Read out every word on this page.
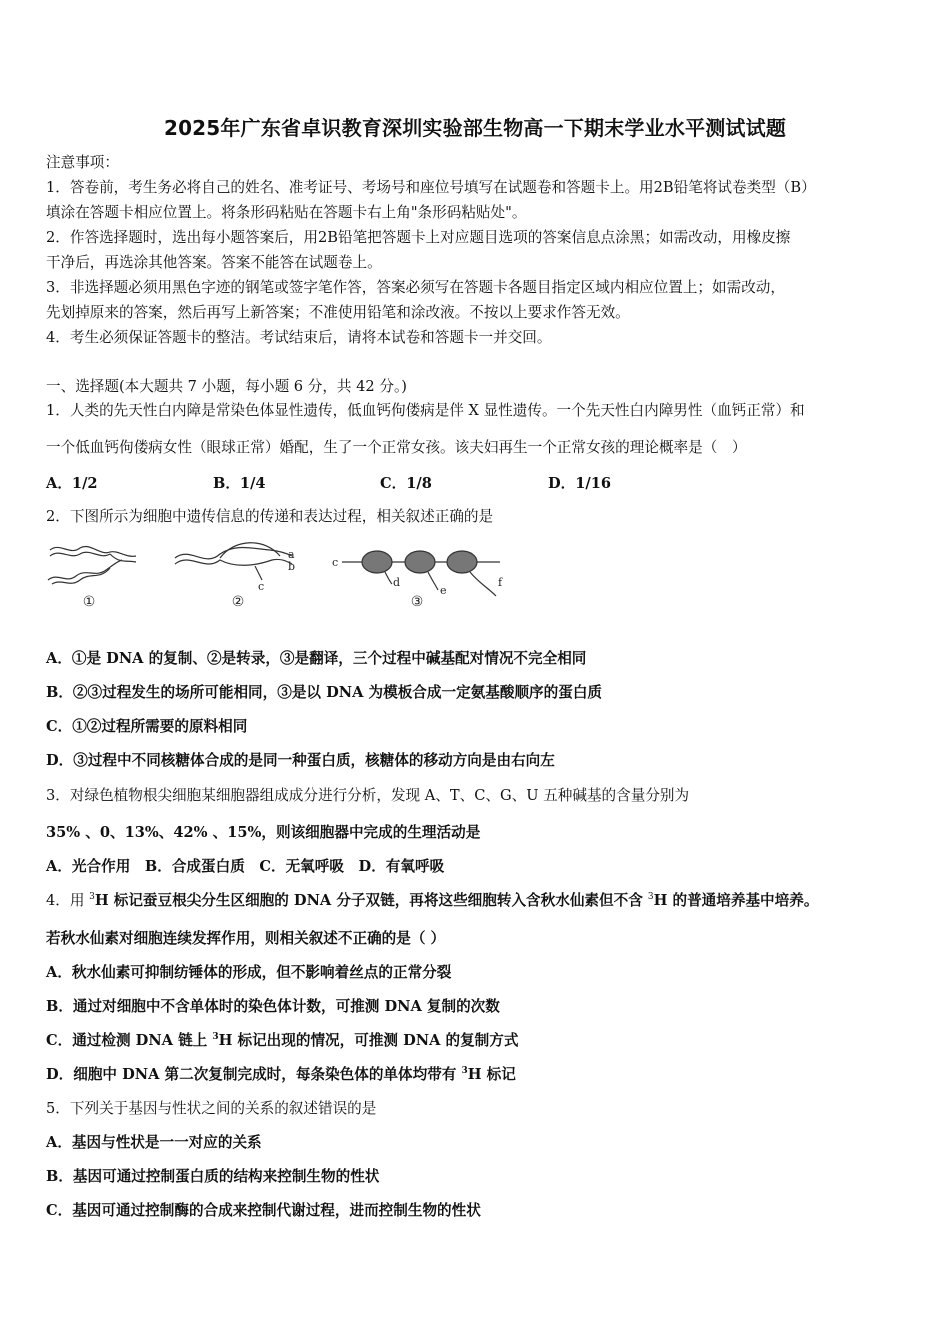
2025年广东省卓识教育深圳实验部生物高一下期末学业水平测试试题
注意事项：
1．答卷前，考生务必将自己的姓名、准考证号、考场号和座位号填写在试题卷和答题卡上。用2B铅笔将试卷类型（B）
填涂在答题卡相应位置上。将条形码粘贴在答题卡右上角"条形码粘贴处"。
2．作答选择题时，选出每小题答案后，用2B铅笔把答题卡上对应题目选项的答案信息点涂黑；如需改动，用橡皮擦
干净后，再选涂其他答案。答案不能答在试题卷上。
3．非选择题必须用黑色字迹的钢笔或签字笔作答，答案必须写在答题卡各题目指定区域内相应位置上；如需改动，
先划掉原来的答案，然后再写上新答案；不准使用铅笔和涂改液。不按以上要求作答无效。
4．考生必须保证答题卡的整洁。考试结束后，请将本试卷和答题卡一并交回。
一、选择题(本大题共 7 小题，每小题 6 分，共 42 分。)
1．人类的先天性白内障是常染色体显性遗传，低血钙佝偻病是伴 X 显性遗传。一个先天性白内障男性（血钙正常）和
一个低血钙佝偻病女性（眼球正常）婚配，生了一个正常女孩。该夫妇再生一个正常女孩的理论概率是（　）
A．1/2	B．1/4	C．1/8	D．1/16
2．下图所示为细胞中遗传信息的传递和表达过程，相关叙述正确的是
a
b
c
c
d
e
f
①	②	③
A．①是 DNA 的复制、②是转录，③是翻译，三个过程中碱基配对情况不完全相同
B．②③过程发生的场所可能相同，③是以 DNA 为模板合成一定氨基酸顺序的蛋白质
C．①②过程所需要的原料相同
D．③过程中不同核糖体合成的是同一种蛋白质，核糖体的移动方向是由右向左
3．对绿色植物根尖细胞某细胞器组成成分进行分析，发现 A、T、C、G、U 五种碱基的含量分别为
35% 、0、13%、42% 、15%，则该细胞器中完成的生理活动是
A．光合作用　B．合成蛋白质　C．无氧呼吸　D．有氧呼吸
4．用 $^3$H 标记蚕豆根尖分生区细胞的 DNA 分子双链，再将这些细胞转入含秋水仙素但不含 $^3$H 的普通培养基中培养。
若秋水仙素对细胞连续发挥作用，则相关叙述不正确的是（ ）
A．秋水仙素可抑制纺锤体的形成，但不影响着丝点的正常分裂
B．通过对细胞中不含单体时的染色体计数，可推测 DNA 复制的次数
C．通过检测 DNA 链上 $^3$H 标记出现的情况，可推测 DNA 的复制方式
D．细胞中 DNA 第二次复制完成时，每条染色体的单体均带有 $^3$H 标记
5．下列关于基因与性状之间的关系的叙述错误的是
A．基因与性状是一一对应的关系
B．基因可通过控制蛋白质的结构来控制生物的性状
C．基因可通过控制酶的合成来控制代谢过程，进而控制生物的性状
